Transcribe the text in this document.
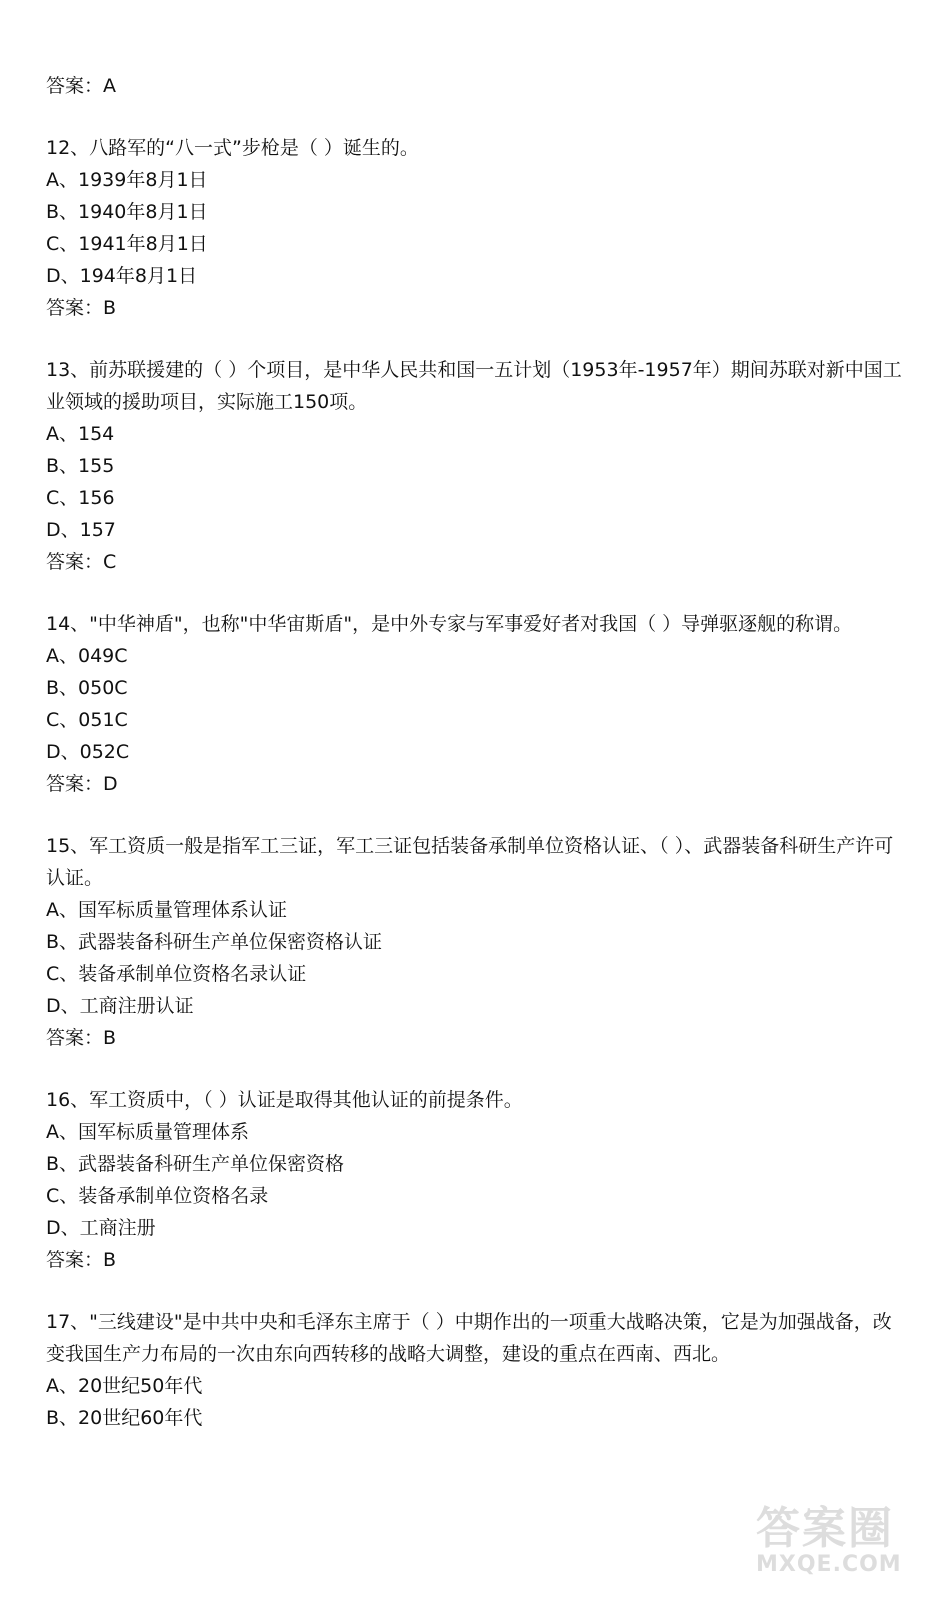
答案：A
12、八路军的“八一式”步枪是（ ）诞生的。
A、1939年8月1日
B、1940年8月1日
C、1941年8月1日
D、194年8月1日
答案：B
13、前苏联援建的（ ）个项目，是中华人民共和国一五计划（1953年-1957年）期间苏联对新中国工业领域的援助项目，实际施工150项。
A、154
B、155
C、156
D、157
答案：C
14、"中华神盾"，也称"中华宙斯盾"，是中外专家与军事爱好者对我国（ ）导弹驱逐舰的称谓。
A、049C
B、050C
C、051C
D、052C
答案：D
15、军工资质一般是指军工三证，军工三证包括装备承制单位资格认证、（ ）、武器装备科研生产许可认证。
A、国军标质量管理体系认证
B、武器装备科研生产单位保密资格认证
C、装备承制单位资格名录认证
D、工商注册认证
答案：B
16、军工资质中，（ ）认证是取得其他认证的前提条件。
A、国军标质量管理体系
B、武器装备科研生产单位保密资格
C、装备承制单位资格名录
D、工商注册
答案：B
17、"三线建设"是中共中央和毛泽东主席于（ ）中期作出的一项重大战略决策，它是为加强战备，改变我国生产力布局的一次由东向西转移的战略大调整，建设的重点在西南、西北。
A、20世纪50年代
B、20世纪60年代
答案圈
MXQE.COM
